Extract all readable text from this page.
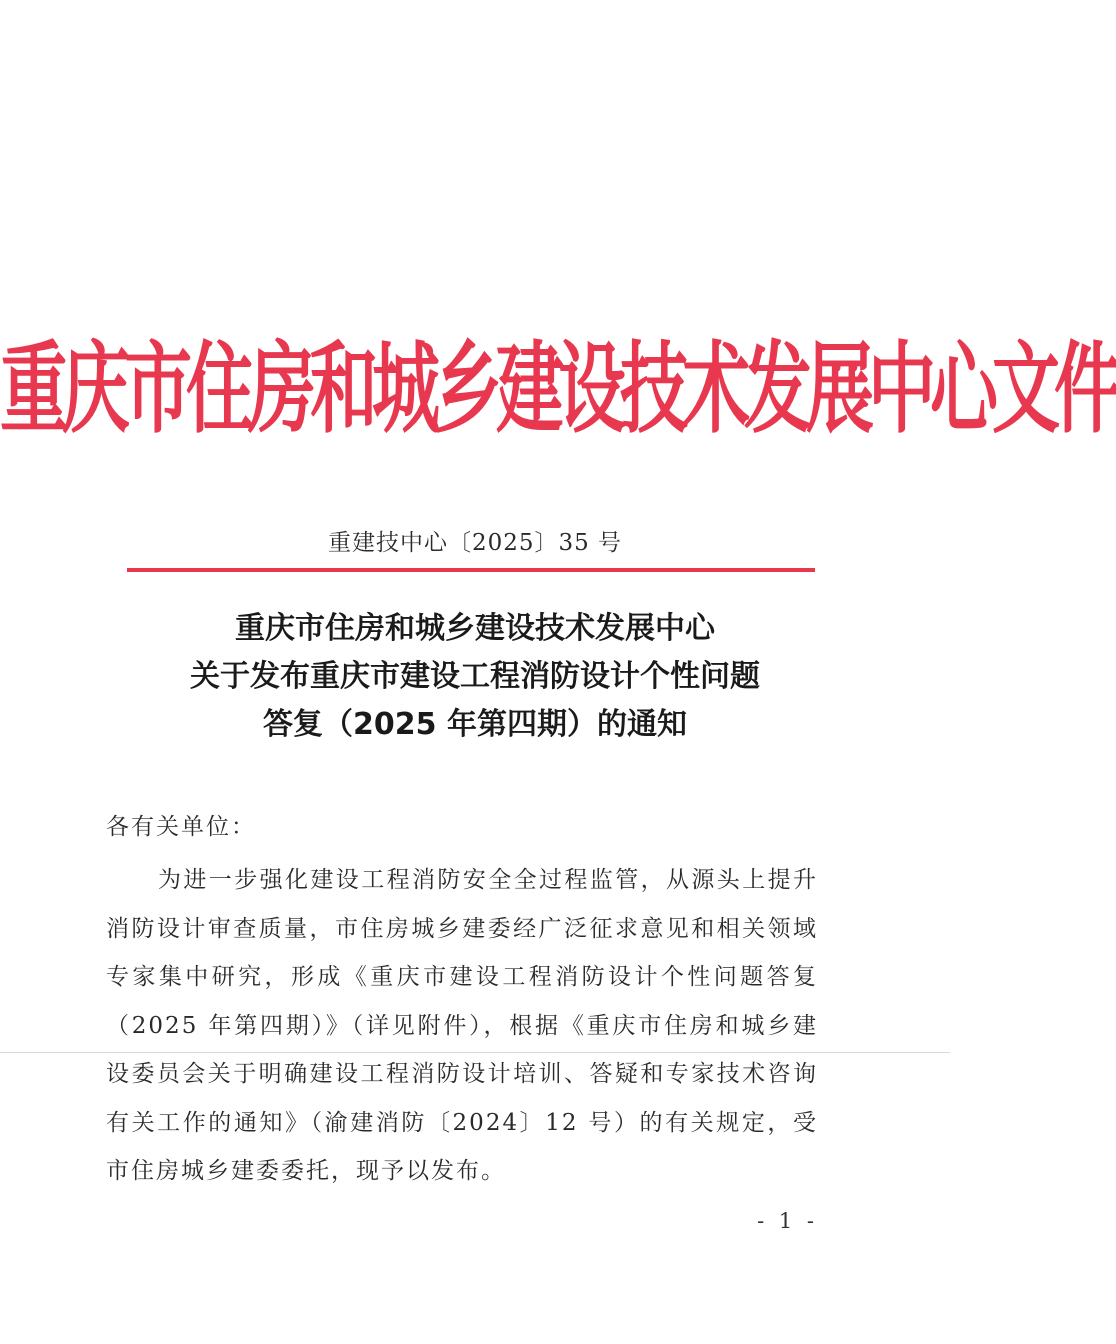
重庆市住房和城乡建设技术发展中心文件
重建技中心〔2025〕35 号
重庆市住房和城乡建设技术发展中心
关于发布重庆市建设工程消防设计个性问题
答复（2025 年第四期）的通知
各有关单位：
为进一步强化建设工程消防安全全过程监管，从源头上提升消防设计审查质量，市住房城乡建委经广泛征求意见和相关领域专家集中研究，形成《重庆市建设工程消防设计个性问题答复（2025 年第四期）》（详见附件），根据《重庆市住房和城乡建设委员会关于明确建设工程消防设计培训、答疑和专家技术咨询有关工作的通知》（渝建消防〔2024〕12 号）的有关规定，受市住房城乡建委委托，现予以发布。
- 1 -
